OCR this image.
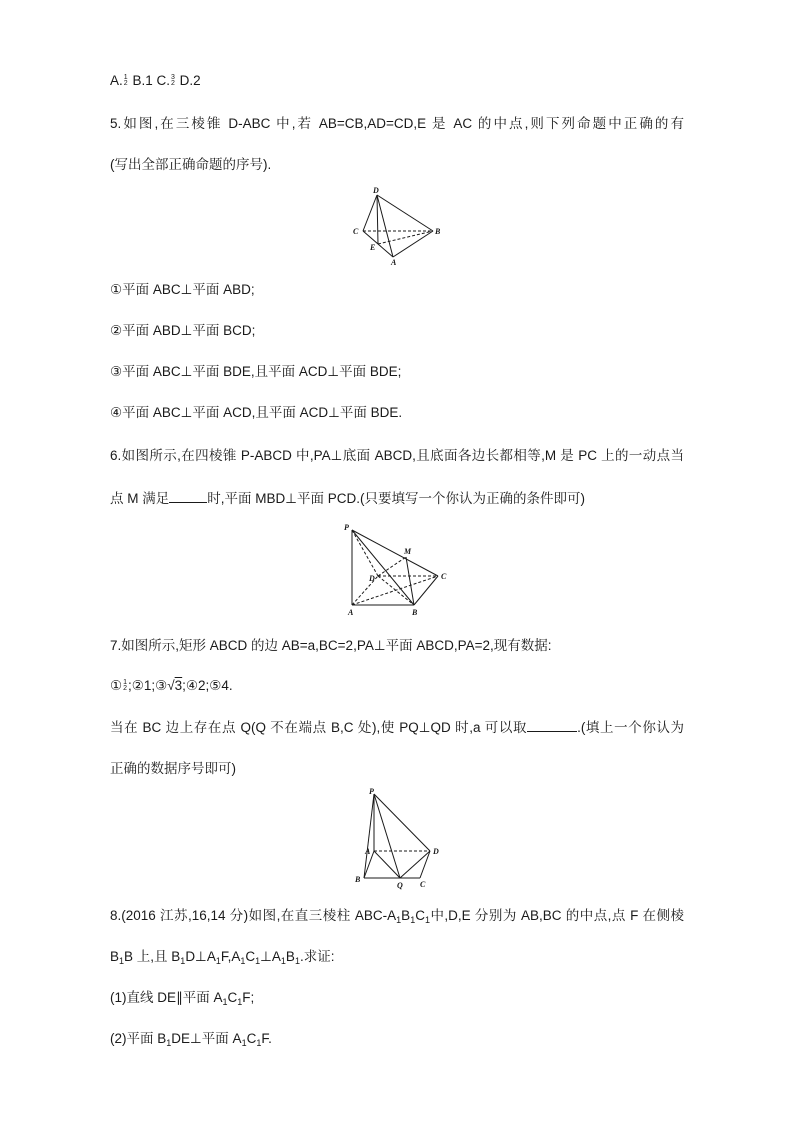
A. 1
2 B.1 C. 3
2 D.2
5.如图,在三棱锥 D-ABC 中,若 AB=CB,AD=CD,E 是 AC 的中点,则下列命题中正确的有
(写出全部正确命题的序号).
D
C	B
E
A
①平面 ABC⊥平面 ABD;
②平面 ABD⊥平面 BCD;
③平面 ABC⊥平面 BDE,且平面 ACD⊥平面 BDE;
④平面 ABC⊥平面 ACD,且平面 ACD⊥平面 BDE.
6.如图所示,在四棱锥 P-ABCD 中,PA⊥底面 ABCD,且底面各边长都相等,M 是 PC 上的一动点当
点 M 满足	时,平面 MBD⊥平面 PCD.(只要填写一个你认为正确的条件即可)
P
M
D	C
A	B
7.如图所示,矩形 ABCD 的边 AB=a,BC=2,PA⊥平面 ABCD,PA=2,现有数据:
① 1
2 ;②1;③√3;④2;⑤4.
当在 BC 边上存在点 Q(Q 不在端点 B,C 处),使 PQ⊥QD 时,a 可以取	.(填上一个你认为
正确的数据序号即可)
P
A	D
B
Q C
8.(2016 江苏,16,14 分)如图,在直三棱柱 ABC-$A_1B_1C_1$中,D,E 分别为 AB,BC 的中点,点 F 在侧棱
$B_1B$ 上,且 $B_1D\perp A_1F,A_1C_1\perp A_1B_1$.求证:
(1)直线 DE∥平面 $A_1C_1F$;
(2)平面 $B_1DE\perp$平面 $A_1C_1F$.
